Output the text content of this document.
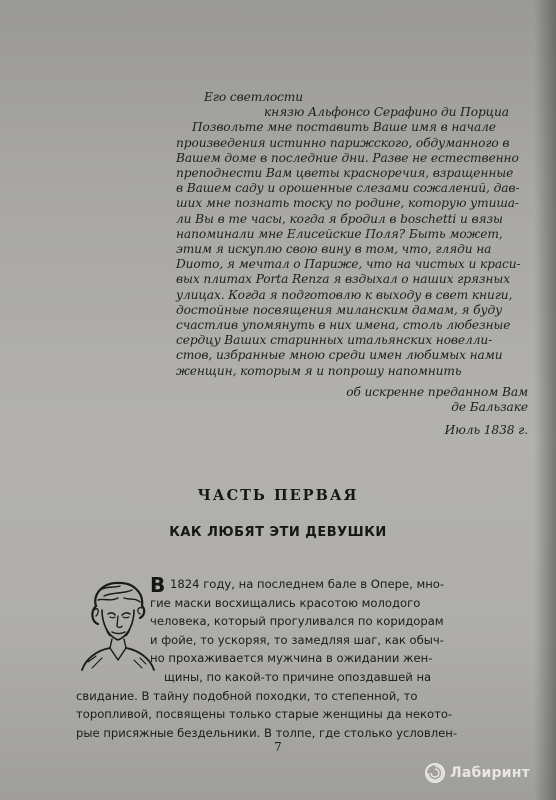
Его светлости
князю Альфонсо Серафино ди Порциа
Позвольте мне поставить Ваше имя в начале
произведения истинно парижского, обдуманного в
Вашем доме в последние дни. Разве не естественно
преподнести Вам цветы красноречия, взращенные
в Вашем саду и орошенные слезами сожалений, дав-
ших мне познать тоску по родине, которую утиша-
ли Вы в те часы, когда я бродил в boschetti и вязы
напоминали мне Елисейские Поля? Быть может,
этим я искуплю свою вину в том, что, гляди на
Duomo, я мечтал о Париже, что на чистых и краси-
вых плитах Porta Renza я вздыхал о наших грязных
улицах. Когда я подготовлю к выходу в свет книги,
достойные посвящения миланским дамам, я буду
счастлив упомянуть в них имена, столь любезные
сердцу Ваших старинных итальянских новелли-
стов, избранные мною среди имен любимых нами
женщин, которым я и попрошу напомнить
об искренне преданном Вам
де Бальзаке
Июль 1838 г.
ЧАСТЬ ПЕРВАЯ
КАК ЛЮБЯТ ЭТИ ДЕВУШКИ
В 1824 году, на последнем бале в Опере, мно-
гие маски восхищались красотою молодого
человека, который прогуливался по коридорам
и фойе, то ускоряя, то замедляя шаг, как обыч-
но прохаживается мужчина в ожидании жен-
щины, по какой-то причине опоздавшей на
свидание. В тайну подобной походки, то степенной, то
торопливой, посвящены только старые женщины да некото-
рые присяжные бездельники. В толпе, где столько условлен-
7
Лабиринт
